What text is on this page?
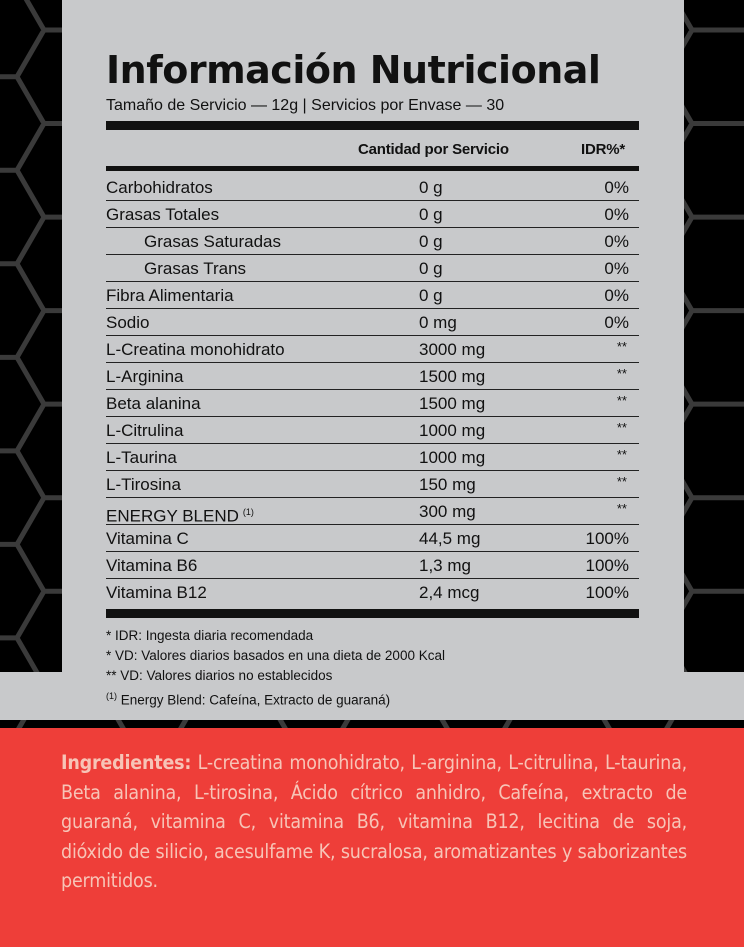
Información Nutricional
Tamaño de Servicio — 12g | Servicios por Envase — 30
Cantidad por Servicio	IDR%*
Carbohidratos	0 g	0%
Grasas Totales	0 g	0%
Grasas Saturadas	0 g	0%
Grasas Trans	0 g	0%
Fibra Alimentaria	0 g	0%
Sodio	0 mg	0%
L-Creatina monohidrato	3000 mg	**
L-Arginina	1500 mg	**
Beta alanina	1500 mg	**
L-Citrulina	1000 mg	**
L-Taurina	1000 mg	**
L-Tirosina	150 mg	**
ENERGY BLEND $^{(1)}$	300 mg	**
Vitamina C	44,5 mg	100%
Vitamina B6	1,3 mg	100%
Vitamina B12	2,4 mcg	100%
* IDR: Ingesta diaria recomendada
* VD: Valores diarios basados en una dieta de 2000 Kcal
** VD: Valores diarios no establecidos
$^{(1)}$ Energy Blend: Cafeína, Extracto de guaraná)

Ingredientes: L-creatina monohidrato, L-arginina, L-citrulina, L-taurina, Beta alanina, L-tirosina, Ácido cítrico anhidro, Cafeína, extracto de guaraná, vitamina C, vitamina B6, vitamina B12, lecitina de soja, dióxido de silicio, acesulfame K, sucralosa, aromatizantes y saborizantes permitidos.
